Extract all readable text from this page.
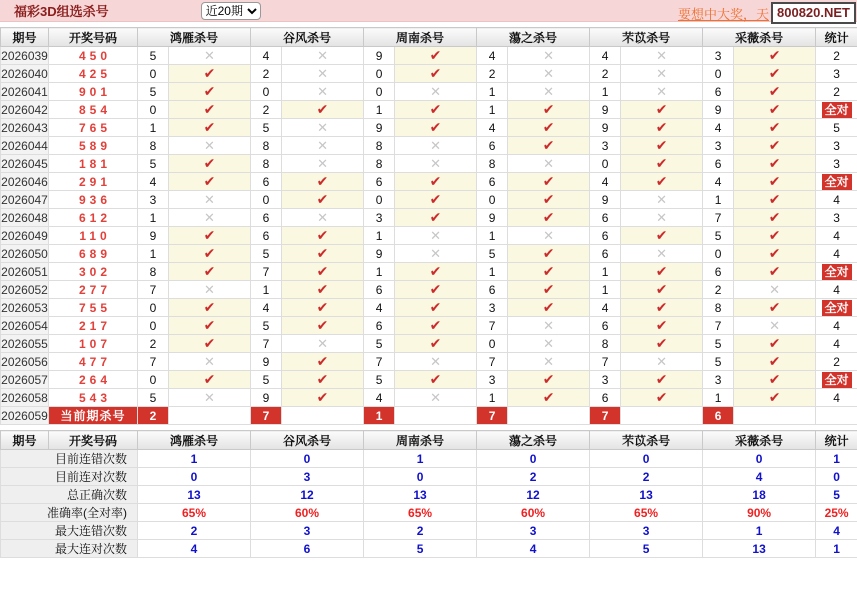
福彩3D组选杀号
近20期	要想中大奖，天 800820.NET
期号	开奖号码	鸿雁杀号		谷风杀号		周南杀号		蕩之杀号		芣苡杀号		采薇杀号		统计
2026039	450	5	✕	4	✕	9	✔	4	✕	4	✕	3	✔	2
2026040	425	0	✔	2	✕	0	✔	2	✕	2	✕	0	✔	3
2026041	901	5	✔	0	✕	0	✕	1	✕	1	✕	6	✔	2
2026042	854	0	✔	2	✔	1	✔	1	✔	9	✔	9	✔	全对
2026043	765	1	✔	5	✕	9	✔	4	✔	9	✔	4	✔	5
2026044	589	8	✕	8	✕	8	✕	6	✔	3	✔	3	✔	3
2026045	181	5	✔	8	✕	8	✕	8	✕	0	✔	6	✔	3
2026046	291	4	✔	6	✔	6	✔	6	✔	4	✔	4	✔	全对
2026047	936	3	✕	0	✔	0	✔	0	✔	9	✕	1	✔	4
2026048	612	1	✕	6	✕	3	✔	9	✔	6	✕	7	✔	3
2026049	110	9	✔	6	✔	1	✕	1	✕	6	✔	5	✔	4
2026050	689	1	✔	5	✔	9	✕	5	✔	6	✕	0	✔	4
2026051	302	8	✔	7	✔	1	✔	1	✔	1	✔	6	✔	全对
2026052	277	7	✕	1	✔	6	✔	6	✔	1	✔	2	✕	4
2026053	755	0	✔	4	✔	4	✔	3	✔	4	✔	8	✔	全对
2026054	217	0	✔	5	✔	6	✔	7	✕	6	✔	7	✕	4
2026055	107	2	✔	7	✕	5	✔	0	✕	8	✔	5	✔	4
2026056	477	7	✕	9	✔	7	✕	7	✕	7	✕	5	✔	2
2026057	264	0	✔	5	✔	5	✔	3	✔	3	✔	3	✔	全对
2026058	543	5	✕	9	✔	4	✕	1	✔	6	✔	1	✔	4
2026059	当前期杀号	2		7		1		7		7		6		
期号	开奖号码	鸿雁杀号	谷风杀号	周南杀号	蕩之杀号	芣苡杀号	采薇杀号	统计
目前连错次数		1	0	1	0	0	0	1
目前连对次数		0	3	0	2	2	4	0
总正确次数		13	12	13	12	13	18	5
准确率(全对率)		65%	60%	65%	60%	65%	90%	25%
最大连错次数		2	3	2	3	3	1	4
最大连对次数		4	6	5	4	5	13	1
